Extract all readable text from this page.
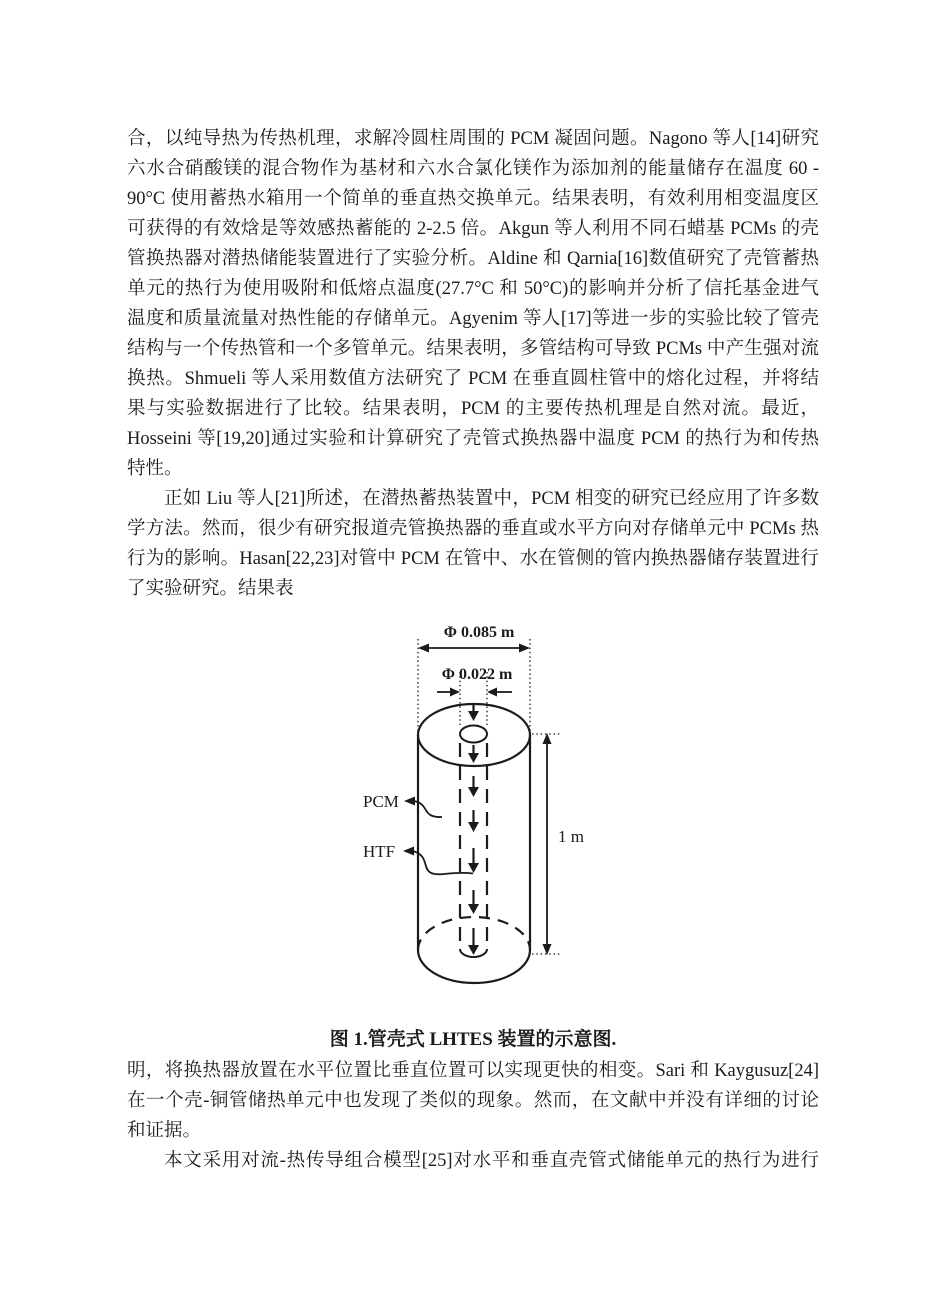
合，以纯导热为传热机理，求解冷圆柱周围的 PCM 凝固问题。Nagono 等人[14]研究
六水合硝酸镁的混合物作为基材和六水合氯化镁作为添加剂的能量储存在温度 60 -
90°C 使用蓄热水箱用一个简单的垂直热交换单元。结果表明，有效利用相变温度区
可获得的有效焓是等效感热蓄能的 2-2.5 倍。Akgun 等人利用不同石蜡基 PCMs 的壳
管换热器对潜热储能装置进行了实验分析。Aldine 和 Qarnia[16]数值研究了壳管蓄热
单元的热行为使用吸附和低熔点温度(27.7°C 和 50°C)的影响并分析了信托基金进气
温度和质量流量对热性能的存储单元。Agyenim 等人[17]等进一步的实验比较了管壳
结构与一个传热管和一个多管单元。结果表明，多管结构可导致 PCMs 中产生强对流
换热。Shmueli 等人采用数值方法研究了 PCM 在垂直圆柱管中的熔化过程，并将结
果与实验数据进行了比较。结果表明，PCM 的主要传热机理是自然对流。最近，
Hosseini 等[19,20]通过实验和计算研究了壳管式换热器中温度 PCM 的热行为和传热
特性。
正如 Liu 等人[21]所述，在潜热蓄热装置中，PCM 相变的研究已经应用了许多数
学方法。然而，很少有研究报道壳管换热器的垂直或水平方向对存储单元中 PCMs 热
行为的影响。Hasan[22,23]对管中 PCM 在管中、水在管侧的管内换热器储存装置进行
了实验研究。结果表
Φ 0.085 m
Φ 0.022 m
1 m
PCM
HTF
图 1.管壳式 LHTES 装置的示意图.
明，将换热器放置在水平位置比垂直位置可以实现更快的相变。Sari 和 Kaygusuz[24]
在一个壳-铜管储热单元中也发现了类似的现象。然而，在文献中并没有详细的讨论
和证据。
本文采用对流-热传导组合模型[25]对水平和垂直壳管式储能单元的热行为进行
